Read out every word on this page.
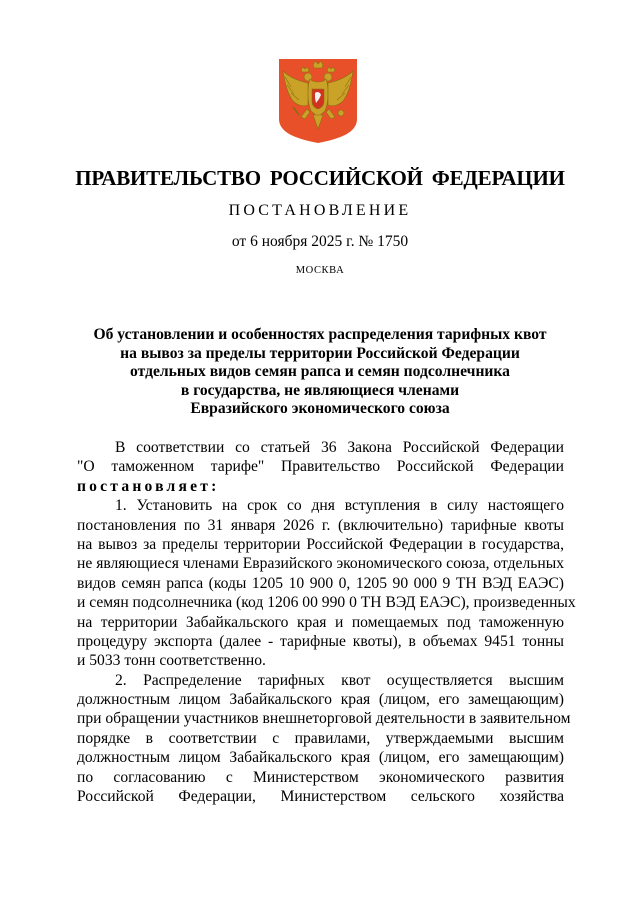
ПРАВИТЕЛЬСТВО РОССИЙСКОЙ ФЕДЕРАЦИИ
ПОСТАНОВЛЕНИЕ
от 6 ноября 2025 г. № 1750
МОСКВА
Об установлении и особенностях распределения тарифных квот
на вывоз за пределы территории Российской Федерации
отдельных видов семян рапса и семян подсолнечника
в государства, не являющиеся членами
Евразийского экономического союза
В соответствии со статьей 36 Закона Российской Федерации
"О таможенном тарифе" Правительство Российской Федерации
постановляет:
1. Установить на срок со дня вступления в силу настоящего
постановления по 31 января 2026 г. (включительно) тарифные квоты
на вывоз за пределы территории Российской Федерации в государства,
не являющиеся членами Евразийского экономического союза, отдельных
видов семян рапса (коды 1205 10 900 0, 1205 90 000 9 ТН ВЭД ЕАЭС)
и семян подсолнечника (код 1206 00 990 0 ТН ВЭД ЕАЭС), произведенных
на территории Забайкальского края и помещаемых под таможенную
процедуру экспорта (далее - тарифные квоты), в объемах 9451 тонны
и 5033 тонн соответственно.
2. Распределение тарифных квот осуществляется высшим
должностным лицом Забайкальского края (лицом, его замещающим)
при обращении участников внешнеторговой деятельности в заявительном
порядке в соответствии с правилами, утверждаемыми высшим
должностным лицом Забайкальского края (лицом, его замещающим)
по согласованию с Министерством экономического развития
Российской Федерации, Министерством сельского хозяйства
